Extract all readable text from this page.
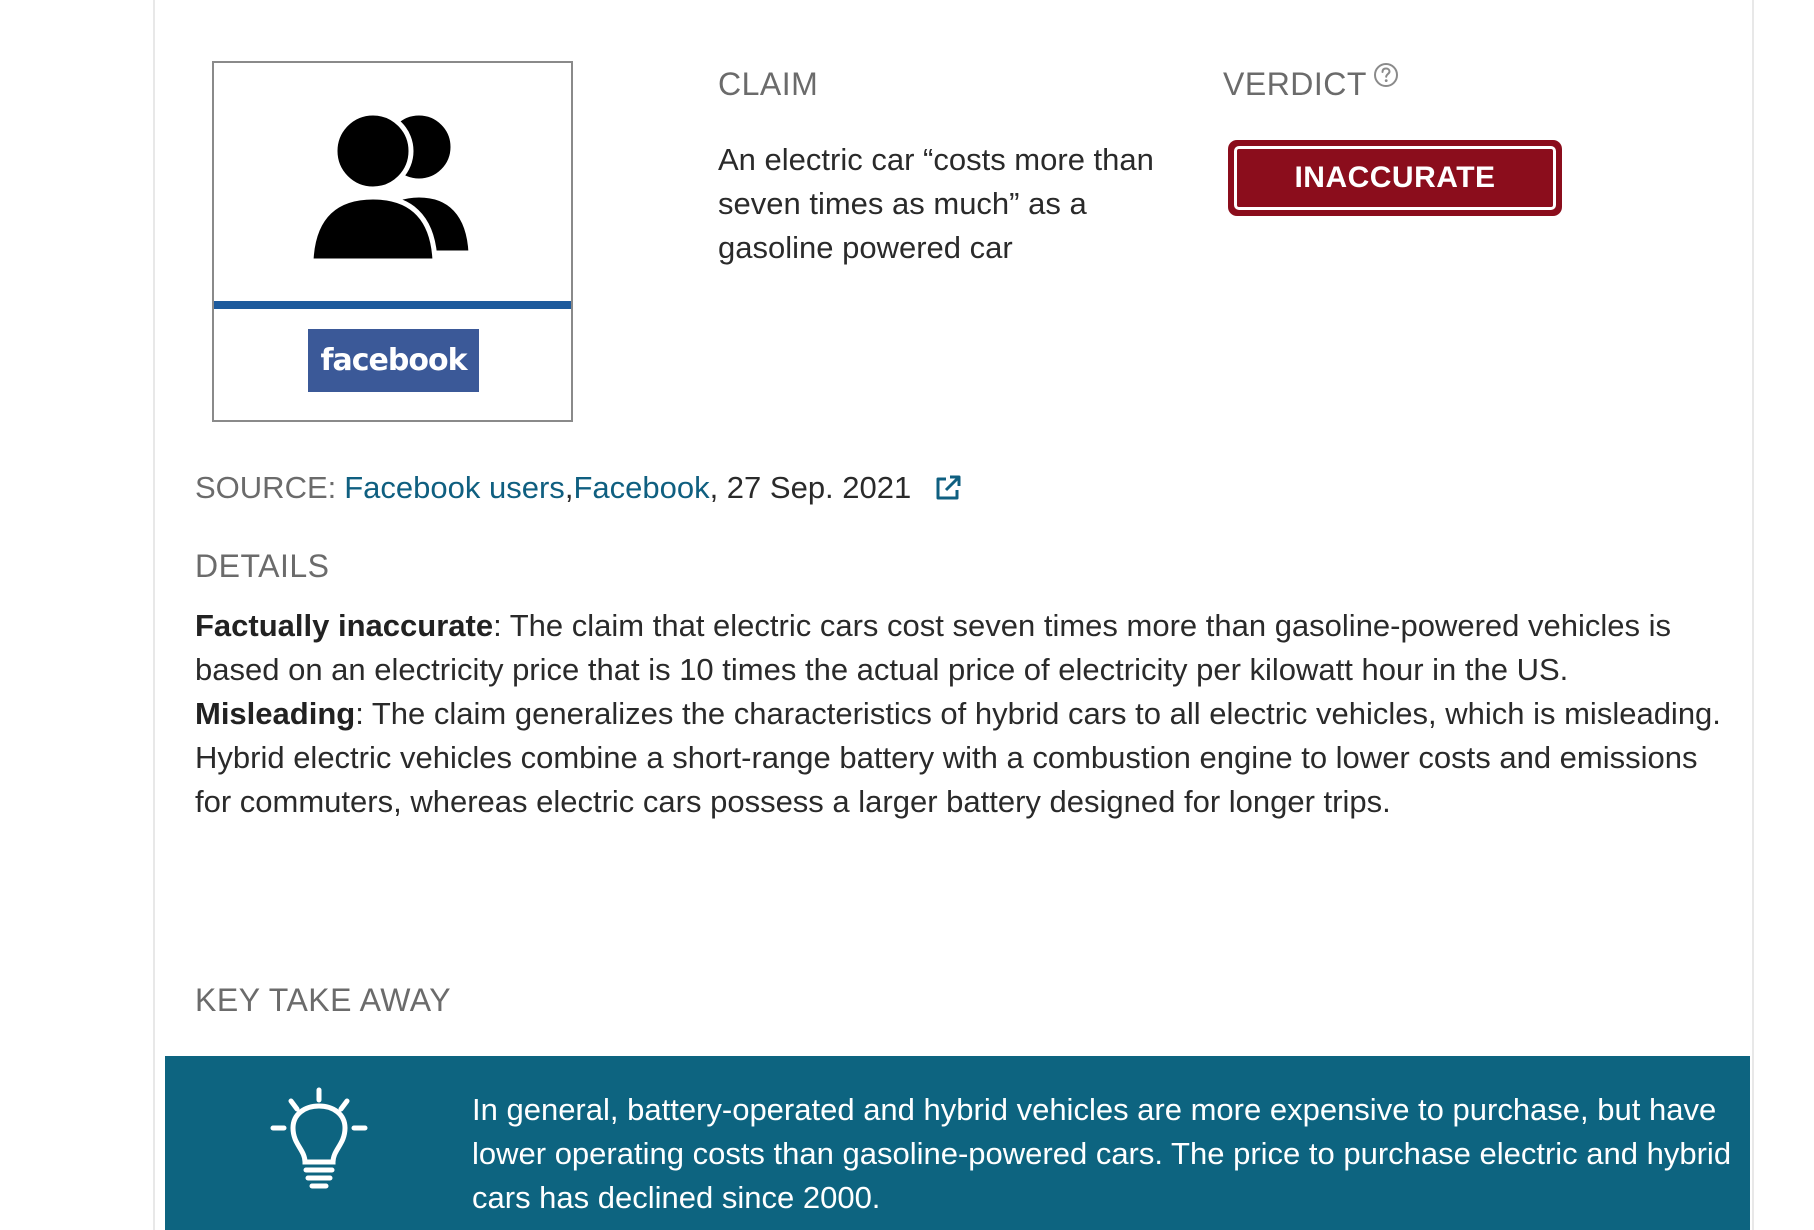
facebook
CLAIM
An electric car “costs more than seven times as much” as a gasoline powered car
VERDICT
INACCURATE
SOURCE: Facebook users , Facebook , 27 Sep. 2021
DETAILS
Factually inaccurate: The claim that electric cars cost seven times more than gasoline-powered vehicles is based on an electricity price that is 10 times the actual price of electricity per kilowatt hour in the US.
Misleading: The claim generalizes the characteristics of hybrid cars to all electric vehicles, which is misleading. Hybrid electric vehicles combine a short-range battery with a combustion engine to lower costs and emissions for commuters, whereas electric cars possess a larger battery designed for longer trips.
KEY TAKE AWAY
In general, battery-operated and hybrid vehicles are more expensive to purchase, but have lower operating costs than gasoline-powered cars. The price to purchase electric and hybrid cars has declined since 2000.
